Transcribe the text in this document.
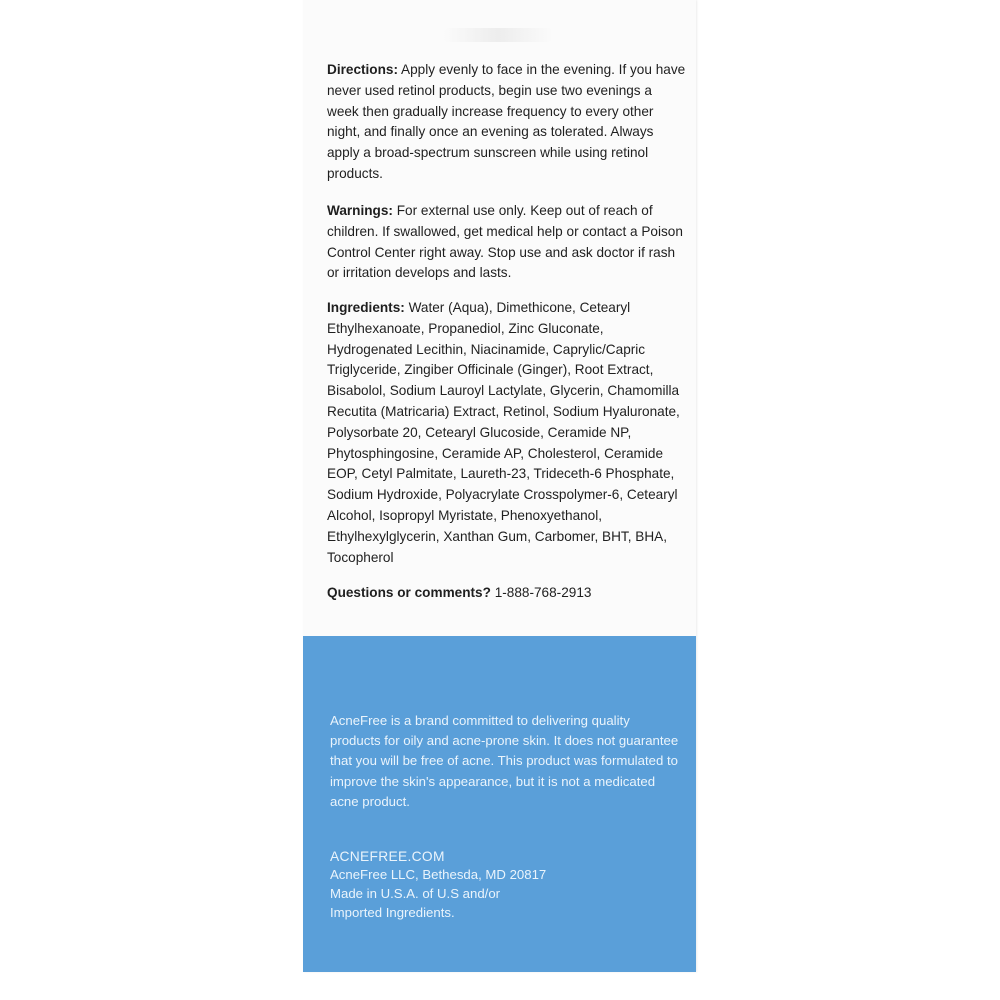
Directions: Apply evenly to face in the evening. If you have never used retinol products, begin use two evenings a week then gradually increase frequency to every other night, and finally once an evening as tolerated. Always apply a broad-spectrum sunscreen while using retinol products.

Warnings: For external use only. Keep out of reach of children. If swallowed, get medical help or contact a Poison Control Center right away. Stop use and ask doctor if rash or irritation develops and lasts.

Ingredients: Water (Aqua), Dimethicone, Cetearyl Ethylhexanoate, Propanediol, Zinc Gluconate, Hydrogenated Lecithin, Niacinamide, Caprylic/Capric Triglyceride, Zingiber Officinale (Ginger), Root Extract, Bisabolol, Sodium Lauroyl Lactylate, Glycerin, Chamomilla Recutita (Matricaria) Extract, Retinol, Sodium Hyaluronate, Polysorbate 20, Cetearyl Glucoside, Ceramide NP, Phytosphingosine, Ceramide AP, Cholesterol, Ceramide EOP, Cetyl Palmitate, Laureth-23, Trideceth-6 Phosphate, Sodium Hydroxide, Polyacrylate Crosspolymer-6, Cetearyl Alcohol, Isopropyl Myristate, Phenoxyethanol, Ethylhexylglycerin, Xanthan Gum, Carbomer, BHT, BHA, Tocopherol

Questions or comments? 1-888-768-2913

AcneFree is a brand committed to delivering quality products for oily and acne-prone skin. It does not guarantee that you will be free of acne. This product was formulated to improve the skin's appearance, but it is not a medicated acne product.

ACNEFREE.COM
AcneFree LLC, Bethesda, MD 20817
Made in U.S.A. of U.S and/or
Imported Ingredients.
